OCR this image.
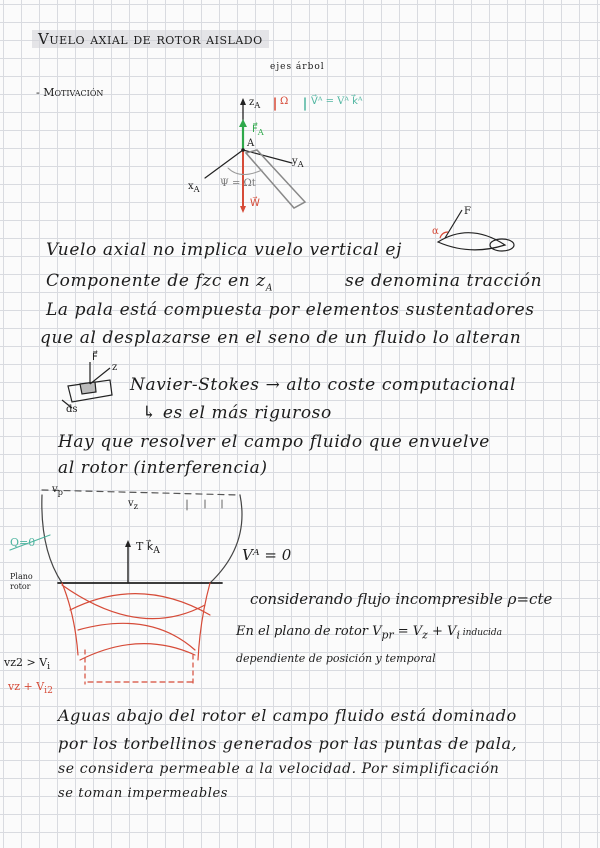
Vuelo axial de rotor aislado
ejes árbol
- Motivación
$z_A$ Ω V⃗ᴬ = Vᴬ k⃗ᴬ
$F⃗_A$
A
$y_A$
$x_A$ Ψ = Ωt
W⃗
Vuelo axial no implica vuelo vertical ej
α
F
Componente de fzc en $z_A$	se denomina tracción
La pala está compuesta por elementos sustentadores
que al desplazarse en el seno de un fluido lo alteran
F⃗
z
ds
Navier-Stokes → alto coste computacional
↳ es el más riguroso
Hay que resolver el campo fluido que envuelve
al rotor (interferencia)
$v_p$
$v_z$
Q=0	T $k⃗_A$	Vᴬ = 0
Plano
rotor
$vz2 > V_i$
vz + $V_{i2}$
considerando flujo incompresible ρ=cte
En el plano de rotor $V_{pr} = V_z + V_i$ inducida
dependiente de posición y temporal
Aguas abajo del rotor el campo fluido está dominado
por los torbellinos generados por las puntas de pala,
se considera permeable a la velocidad. Por simplificación
se toman impermeables
